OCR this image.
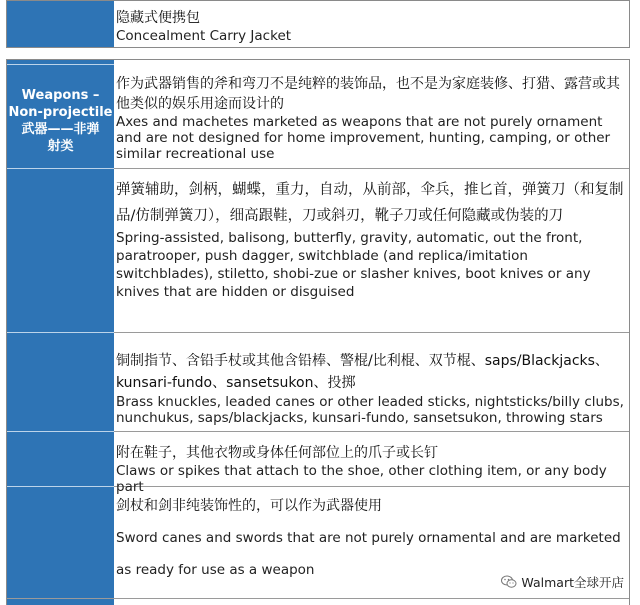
隐藏式便携包
Concealment Carry Jacket
Weapons –
Non-projectile
武器——非弹
射类
作为武器销售的斧和弯刀不是纯粹的装饰品，也不是为家庭装修、打猎、露营或其他类似的娱乐用途而设计的
Axes and machetes marketed as weapons that are not purely ornament and are not designed for home improvement, hunting, camping, or other similar recreational use
弹簧辅助，剑柄，蝴蝶，重力，自动，从前部，伞兵，推匕首，弹簧刀（和复制品/仿制弹簧刀），细高跟鞋，刀或斜刃，靴子刀或任何隐藏或伪装的刀
Spring-assisted, balisong, butterfly, gravity, automatic, out the front, paratrooper, push dagger, switchblade (and replica/imitation switchblades), stiletto, shobi-zue or slasher knives, boot knives or any knives that are hidden or disguised
铜制指节、含铅手杖或其他含铅棒、警棍/比利棍、双节棍、saps/Blackjacks、kunsari-fundo、sansetsukon、投掷
Brass knuckles, leaded canes or other leaded sticks, nightsticks/billy clubs, nunchukus, saps/blackjacks, kunsari-fundo, sansetsukon, throwing stars
附在鞋子，其他衣物或身体任何部位上的爪子或长钉
Claws or spikes that attach to the shoe, other clothing item, or any body part
剑杖和剑非纯装饰性的，可以作为武器使用
Sword canes and swords that are not purely ornamental and are marketed
as ready for use as a weapon
Walmart全球开店
